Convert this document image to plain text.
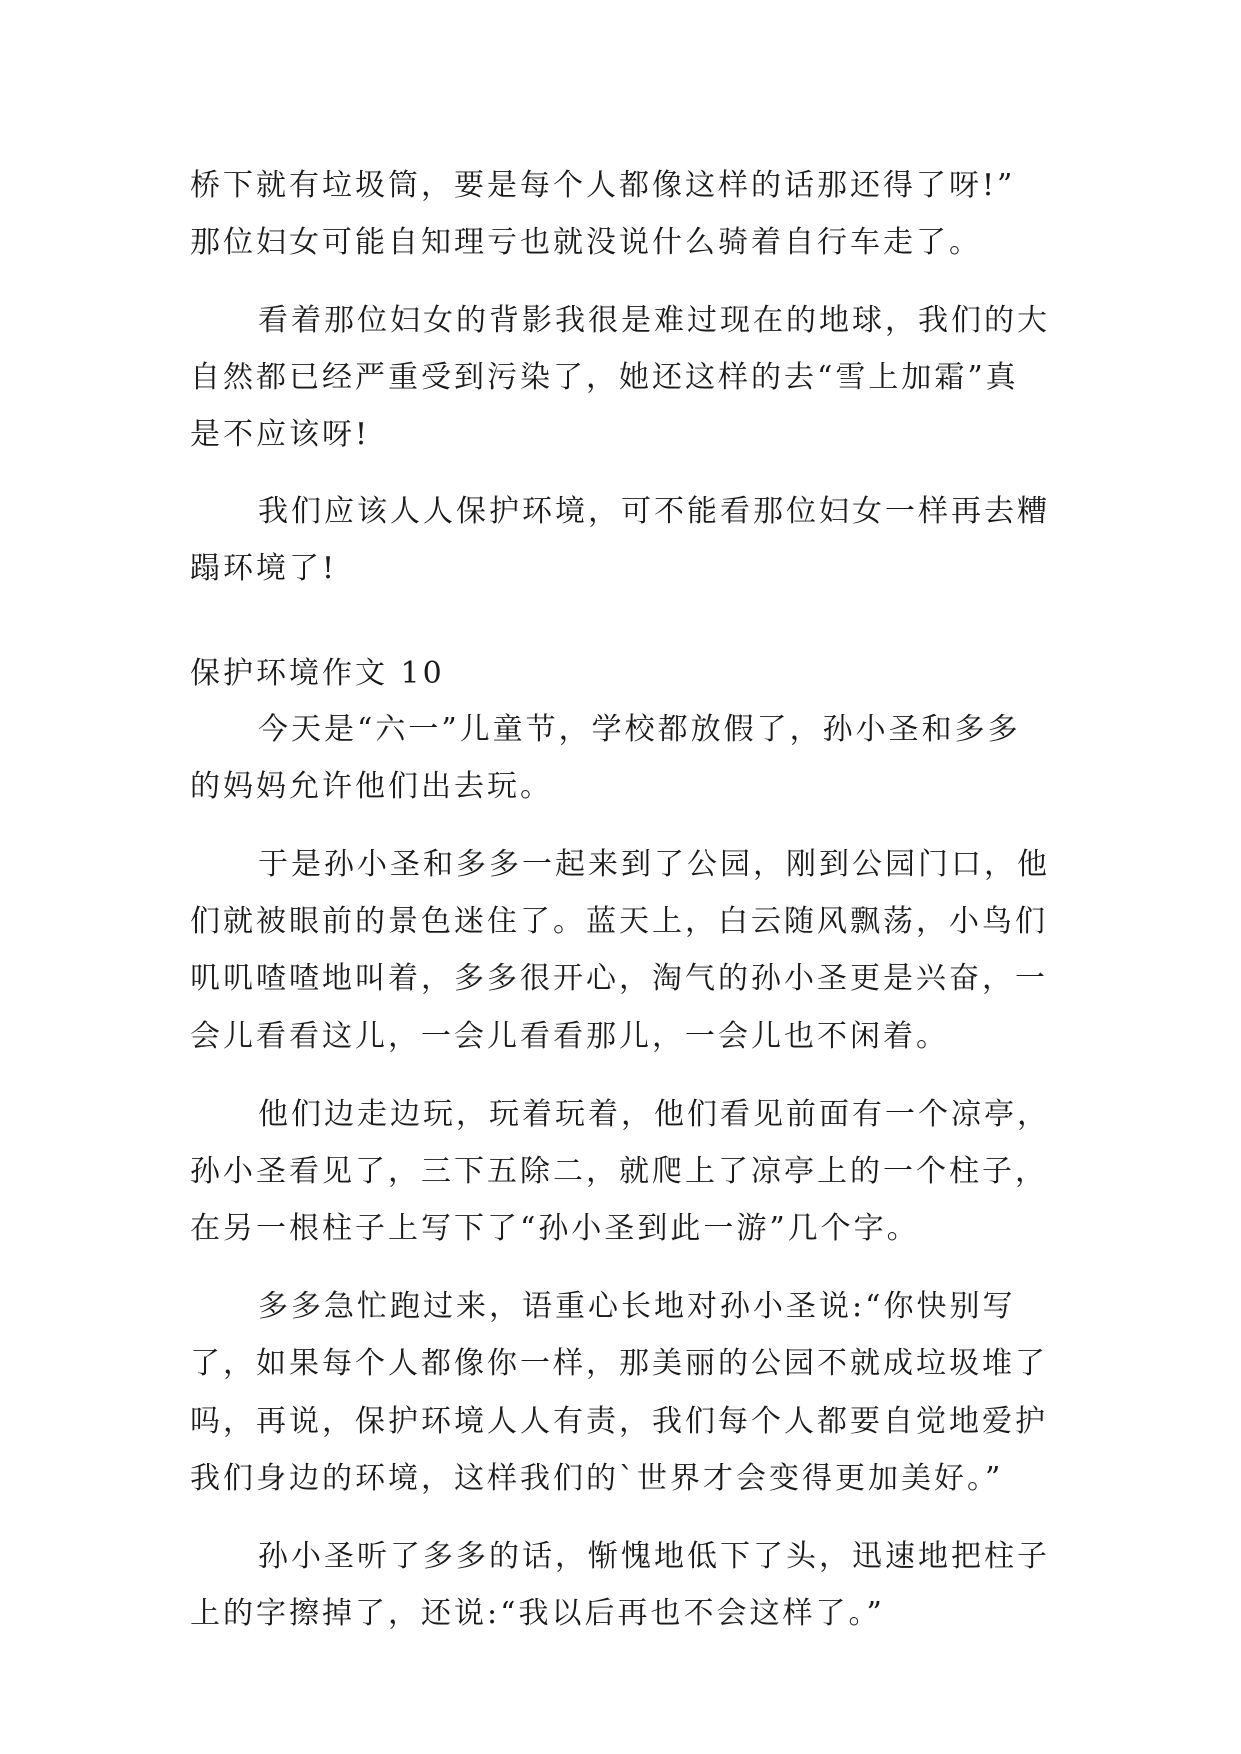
桥下就有垃圾筒，要是每个人都像这样的话那还得了呀!”
那位妇女可能自知理亏也就没说什么骑着自行车走了。
看着那位妇女的背影我很是难过现在的地球，我们的大
自然都已经严重受到污染了，她还这样的去“雪上加霜”真
是不应该呀!
我们应该人人保护环境，可不能看那位妇女一样再去糟
蹋环境了!
保护环境作文 10
今天是“六一”儿童节，学校都放假了，孙小圣和多多
的妈妈允许他们出去玩。
于是孙小圣和多多一起来到了公园，刚到公园门口，他
们就被眼前的景色迷住了。蓝天上，白云随风飘荡，小鸟们
叽叽喳喳地叫着，多多很开心，淘气的孙小圣更是兴奋，一
会儿看看这儿，一会儿看看那儿，一会儿也不闲着。
他们边走边玩，玩着玩着，他们看见前面有一个凉亭，
孙小圣看见了，三下五除二，就爬上了凉亭上的一个柱子，
在另一根柱子上写下了“孙小圣到此一游”几个字。
多多急忙跑过来，语重心长地对孙小圣说:“你快别写
了，如果每个人都像你一样，那美丽的公园不就成垃圾堆了
吗，再说，保护环境人人有责，我们每个人都要自觉地爱护
我们身边的环境，这样我们的`世界才会变得更加美好。”
孙小圣听了多多的话，惭愧地低下了头，迅速地把柱子
上的字擦掉了，还说:“我以后再也不会这样了。”
